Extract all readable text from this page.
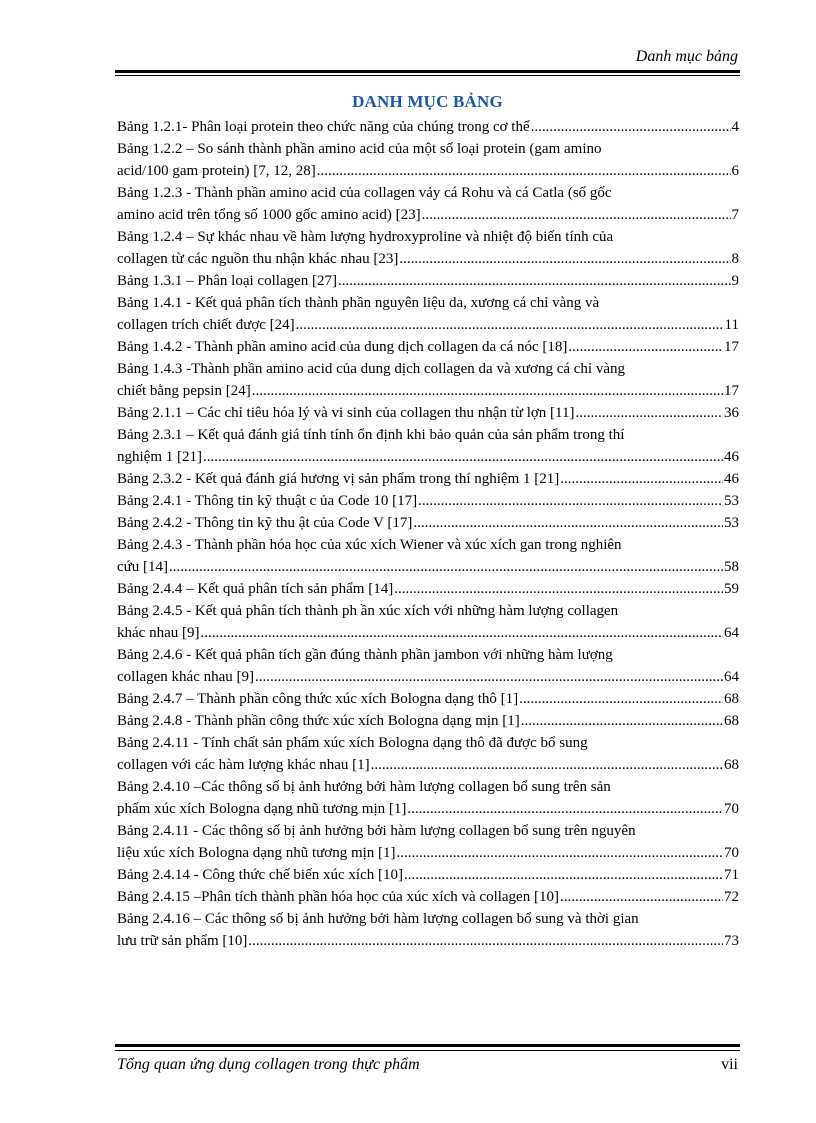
Danh mục bảng
DANH MỤC BẢNG
Bảng 1.2.1- Phân loại protein theo chức năng của chúng trong cơ thể .....	4
Bảng 1.2.2 – So sánh thành phần amino acid của một số loại protein (gam amino
acid/100 gam protein) [7, 12, 28] .....	6
Bảng 1.2.3 - Thành phần amino acid của collagen vảy cá Rohu và cá Catla (số gốc
amino acid trên tổng số 1000 gốc amino acid) [23] .....	7
Bảng 1.2.4 – Sự khác nhau về hàm lượng hydroxyproline và nhiệt độ biến tính của
collagen từ các nguồn thu nhận khác nhau [23] .....	8
Bảng 1.3.1 – Phân loại collagen [27] .....	9
Bảng 1.4.1 - Kết quả phân tích thành phần nguyên liệu da, xương cá chỉ vàng và
collagen trích chiết được [24] .....	11
Bảng 1.4.2 - Thành phần amino acid của dung dịch collagen da cá nóc [18] .....	17
Bảng 1.4.3 -Thành phần amino acid của dung dịch collagen da và xương cá chỉ vàng
chiết bằng pepsin [24] .....	17
Bảng 2.1.1 – Các chỉ tiêu hóa lý và vi sinh của collagen thu nhận từ lợn [11] .....	36
Bảng 2.3.1 – Kết quả đánh giá tính tính ổn định khi bảo quản của sản phẩm trong thí
nghiệm 1 [21] .....	46
Bảng 2.3.2 - Kết quả đánh giá hương vị sản phẩm trong thí nghiệm 1 [21] .....	46
Bảng 2.4.1 - Thông tin kỹ thuật c ủa Code 10 [17] .....	53
Bảng 2.4.2 - Thông tin kỹ thu ật của Code V [17] .....	53
Bảng 2.4.3 - Thành phần hóa học của xúc xích Wiener và xúc xích gan trong nghiên
cứu [14] .....	58
Bảng 2.4.4 – Kết quả phân tích sản phẩm [14] .....	59
Bảng 2.4.5 - Kết quả phân tích thành ph ần xúc xích với những hàm lượng collagen
khác nhau [9] .....	64
Bảng 2.4.6 - Kết quả phân tích gần đúng thành phần jambon với những hàm lượng
collagen khác nhau [9] .....	64
Bảng 2.4.7 – Thành phần công thức xúc xích Bologna dạng thô [1] .....	68
Bảng 2.4.8 - Thành phần công thức xúc xích Bologna dạng mịn [1] .....	68
Bảng 2.4.11 - Tính chất sản phẩm xúc xích Bologna dạng thô đã được bổ sung
collagen với các hàm lượng khác nhau [1] .....	68
Bảng 2.4.10 –Các thông số bị ảnh hưởng bởi hàm lượng collagen bổ sung trên sản
phẩm xúc xích Bologna dạng nhũ tương mịn [1] .....	70
Bảng 2.4.11 - Các thông số bị ảnh hưởng bởi hàm lượng collagen bổ sung trên nguyên
liệu xúc xích Bologna dạng nhũ tương mịn [1] .....	70
Bảng 2.4.14 - Công thức chế biến xúc xích [10] .....	71
Bảng 2.4.15 –Phân tích thành phần hóa học của xúc xích và collagen [10] .....	72
Bảng 2.4.16 – Các thông số bị ảnh hưởng bởi hàm lượng collagen bổ sung và thời gian
lưu trữ sản phẩm [10] .....	73
Tổng quan ứng dụng collagen trong thực phẩm	vii
